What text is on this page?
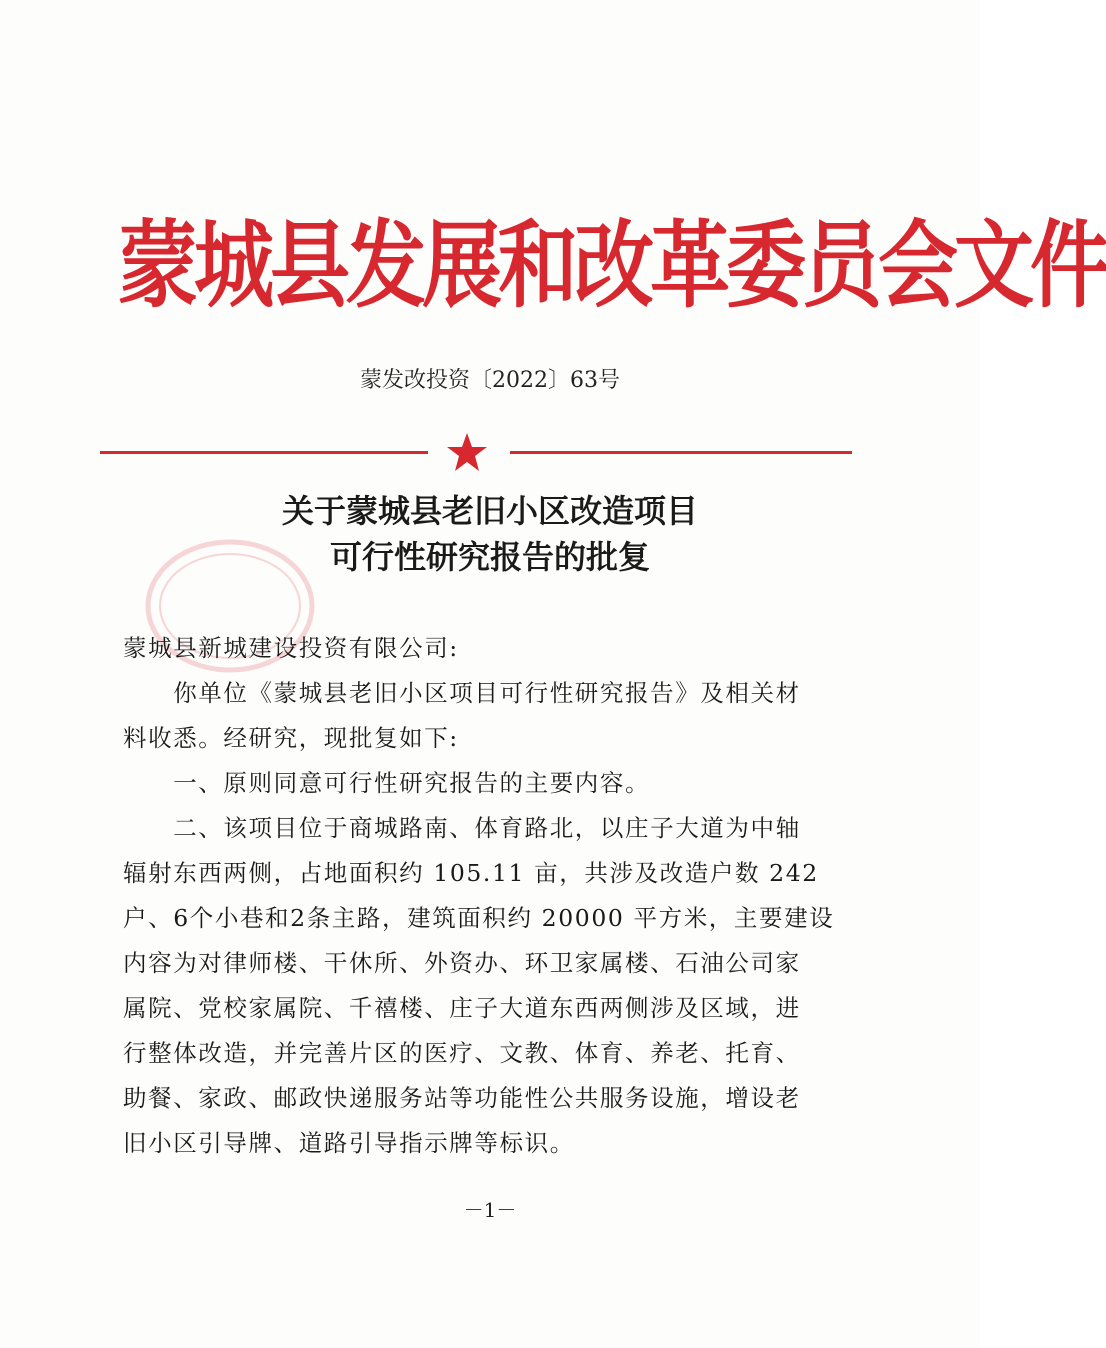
蒙城县发展和改革委员会文件
蒙发改投资〔2022〕63号
关于蒙城县老旧小区改造项目
可行性研究报告的批复
蒙城县新城建设投资有限公司:
　　你单位《蒙城县老旧小区项目可行性研究报告》及相关材
料收悉。经研究，现批复如下:
　　一、原则同意可行性研究报告的主要内容。
　　二、该项目位于商城路南、体育路北，以庄子大道为中轴
辐射东西两侧，占地面积约 105.11 亩，共涉及改造户数 242
户、6个小巷和2条主路，建筑面积约 20000 平方米，主要建设
内容为对律师楼、干休所、外资办、环卫家属楼、石油公司家
属院、党校家属院、千禧楼、庄子大道东西两侧涉及区域，进
行整体改造，并完善片区的医疗、文教、体育、养老、托育、
助餐、家政、邮政快递服务站等功能性公共服务设施，增设老
旧小区引导牌、道路引导指示牌等标识。
－1－
